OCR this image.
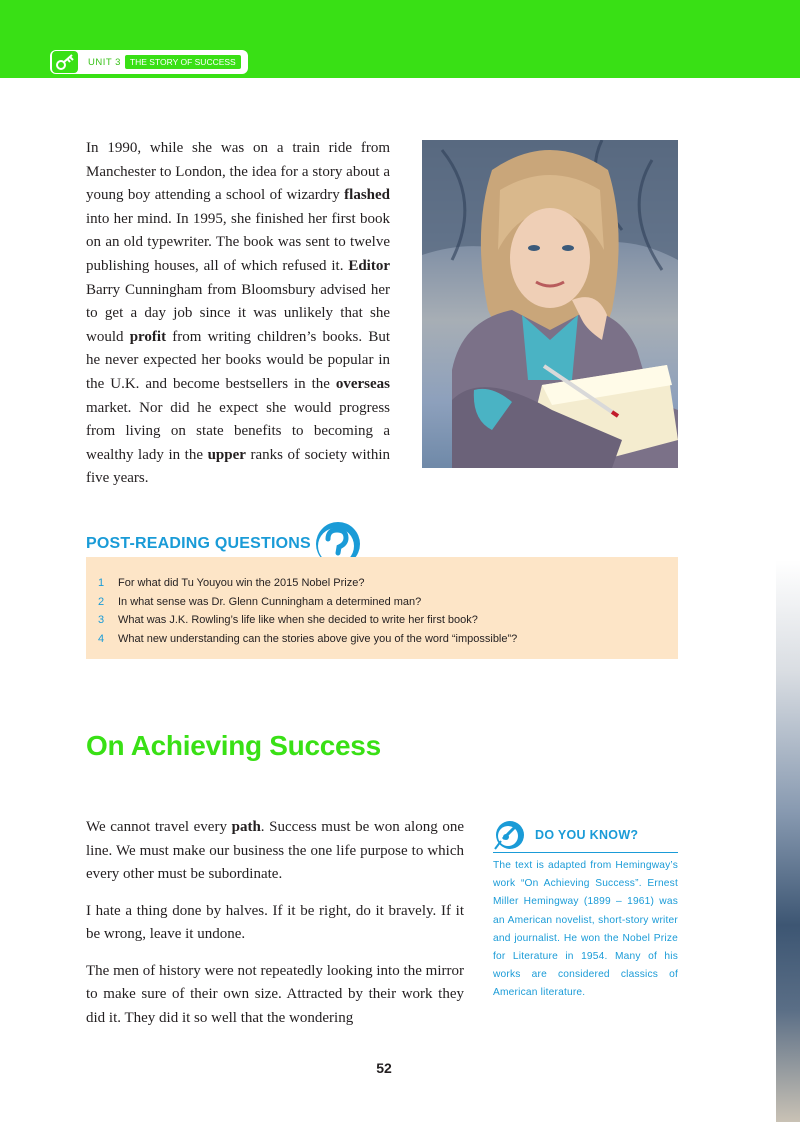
UNIT 3	THE STORY OF SUCCESS
In 1990, while she was on a train ride from Manchester to London, the idea for a story about a young boy attending a school of wizardry flashed into her mind. In 1995, she finished her first book on an old typewriter. The book was sent to twelve publishing houses, all of which refused it. Editor Barry Cunningham from Bloomsbury advised her to get a day job since it was unlikely that she would profit from writing children’s books. But he never expected her books would be popular in the U.K. and become bestsellers in the overseas market. Nor did he expect she would progress from living on state benefits to becoming a wealthy lady in the upper ranks of society within five years.
POST-READING QUESTIONS
1	For what did Tu Youyou win the 2015 Nobel Prize?
2	In what sense was Dr. Glenn Cunningham a determined man?
3	What was J.K. Rowling’s life like when she decided to write her first book?
4	What new understanding can the stories above give you of the word “impossible”?
On Achieving Success

We cannot travel every path. Success must be won along one line. We must make our business the one life purpose to which every other must be subordinate.

I hate a thing done by halves. If it be right, do it bravely. If it be wrong, leave it undone.

The men of history were not repeatedly looking into the mirror to make sure of their own size. Attracted by their work they did it. They did it so well that the wondering

DO YOU KNOW?
The text is adapted from Hemingway’s work “On Achieving Success”. Ernest Miller Hemingway (1899 – 1961) was an American novelist, short-story writer and journalist. He won the Nobel Prize for Literature in 1954. Many of his works are considered classics of American literature.
52
